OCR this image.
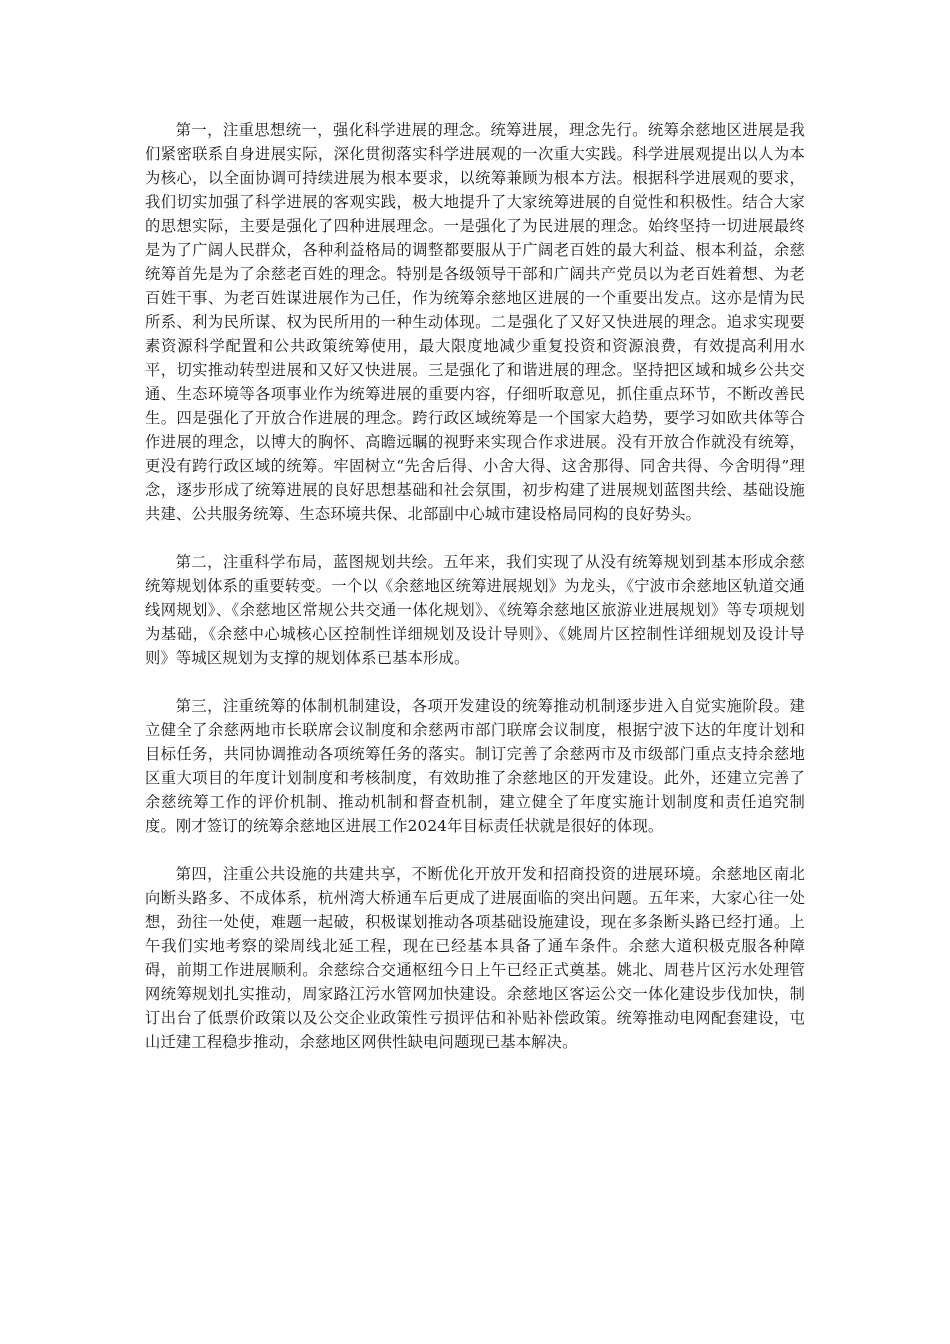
第一，注重思想统一，强化科学进展的理念。统筹进展，理念先行。统筹余慈地区进展是我们紧密联系自身进展实际，深化贯彻落实科学进展观的一次重大实践。科学进展观提出以人为本为核心，以全面协调可持续进展为根本要求，以统筹兼顾为根本方法。根据科学进展观的要求，我们切实加强了科学进展的客观实践，极大地提升了大家统筹进展的自觉性和积极性。结合大家的思想实际，主要是强化了四种进展理念。一是强化了为民进展的理念。始终坚持一切进展最终是为了广阔人民群众，各种利益格局的调整都要服从于广阔老百姓的最大利益、根本利益，余慈统筹首先是为了余慈老百姓的理念。特别是各级领导干部和广阔共产党员以为老百姓着想、为老百姓干事、为老百姓谋进展作为己任，作为统筹余慈地区进展的一个重要出发点。这亦是情为民所系、利为民所谋、权为民所用的一种生动体现。二是强化了又好又快进展的理念。追求实现要素资源科学配置和公共政策统筹使用，最大限度地减少重复投资和资源浪费，有效提高利用水平，切实推动转型进展和又好又快进展。三是强化了和谐进展的理念。坚持把区域和城乡公共交通、生态环境等各项事业作为统筹进展的重要内容，仔细听取意见，抓住重点环节，不断改善民生。四是强化了开放合作进展的理念。跨行政区域统筹是一个国家大趋势，要学习如欧共体等合作进展的理念，以博大的胸怀、高瞻远瞩的视野来实现合作求进展。没有开放合作就没有统筹，更没有跨行政区域的统筹。牢固树立“先舍后得、小舍大得、这舍那得、同舍共得、今舍明得”理念，逐步形成了统筹进展的良好思想基础和社会氛围，初步构建了进展规划蓝图共绘、基础设施共建、公共服务统筹、生态环境共保、北部副中心城市建设格局同构的良好势头。

第二，注重科学布局，蓝图规划共绘。五年来，我们实现了从没有统筹规划到基本形成余慈统筹规划体系的重要转变。一个以《余慈地区统筹进展规划》为龙头，《宁波市余慈地区轨道交通线网规划》、《余慈地区常规公共交通一体化规划》、《统筹余慈地区旅游业进展规划》等专项规划为基础，《余慈中心城核心区控制性详细规划及设计导则》、《姚周片区控制性详细规划及设计导则》等城区规划为支撑的规划体系已基本形成。

第三，注重统筹的体制机制建设，各项开发建设的统筹推动机制逐步进入自觉实施阶段。建立健全了余慈两地市长联席会议制度和余慈两市部门联席会议制度，根据宁波下达的年度计划和目标任务，共同协调推动各项统筹任务的落实。制订完善了余慈两市及市级部门重点支持余慈地区重大项目的年度计划制度和考核制度，有效助推了余慈地区的开发建设。此外，还建立完善了余慈统筹工作的评价机制、推动机制和督查机制，建立健全了年度实施计划制度和责任追究制度。刚才签订的统筹余慈地区进展工作2024年目标责任状就是很好的体现。

第四，注重公共设施的共建共享，不断优化开放开发和招商投资的进展环境。余慈地区南北向断头路多、不成体系，杭州湾大桥通车后更成了进展面临的突出问题。五年来，大家心往一处想，劲往一处使，难题一起破，积极谋划推动各项基础设施建设，现在多条断头路已经打通。上午我们实地考察的梁周线北延工程，现在已经基本具备了通车条件。余慈大道积极克服各种障碍，前期工作进展顺利。余慈综合交通枢纽今日上午已经正式奠基。姚北、周巷片区污水处理管网统筹规划扎实推动，周家路江污水管网加快建设。余慈地区客运公交一体化建设步伐加快，制订出台了低票价政策以及公交企业政策性亏损评估和补贴补偿政策。统筹推动电网配套建设，屯山迁建工程稳步推动，余慈地区网供性缺电问题现已基本解决。
